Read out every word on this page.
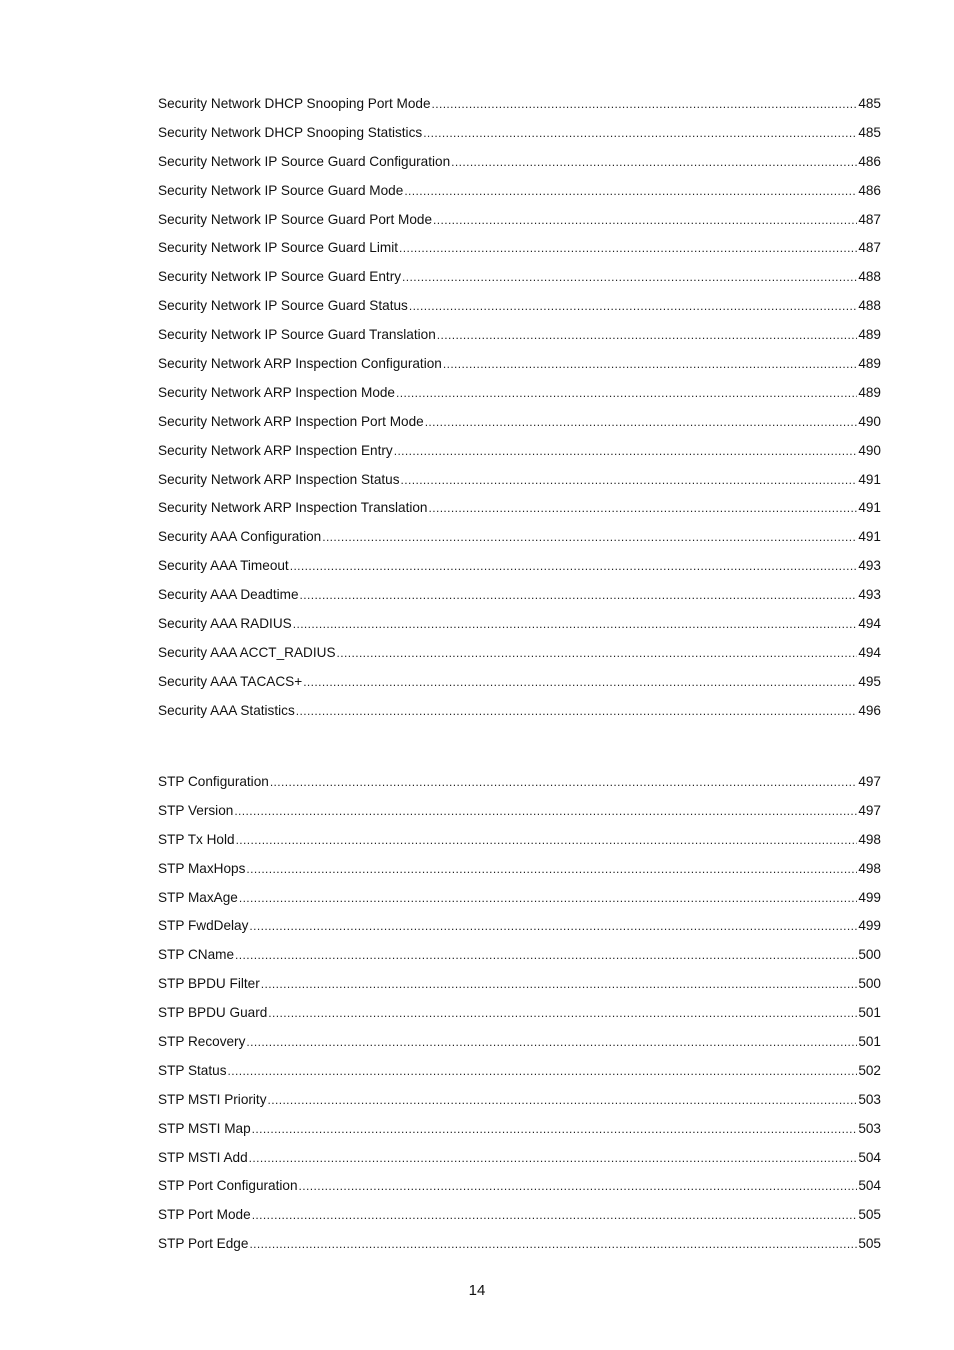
Security Network DHCP Snooping Port Mode .....	485
Security Network DHCP Snooping Statistics .....	485
Security Network IP Source Guard Configuration .....	486
Security Network IP Source Guard Mode .....	486
Security Network IP Source Guard Port Mode .....	487
Security Network IP Source Guard Limit .....	487
Security Network IP Source Guard Entry .....	488
Security Network IP Source Guard Status .....	488
Security Network IP Source Guard Translation .....	489
Security Network ARP Inspection Configuration .....	489
Security Network ARP Inspection Mode .....	489
Security Network ARP Inspection Port Mode .....	490
Security Network ARP Inspection Entry .....	490
Security Network ARP Inspection Status .....	491
Security Network ARP Inspection Translation .....	491
Security AAA Configuration .....	491
Security AAA Timeout .....	493
Security AAA Deadtime .....	493
Security AAA RADIUS .....	494
Security AAA ACCT_RADIUS .....	494
Security AAA TACACS+ .....	495
Security AAA Statistics .....	496
STP Configuration .....	497
STP Version .....	497
STP Tx Hold .....	498
STP MaxHops .....	498
STP MaxAge .....	499
STP FwdDelay .....	499
STP CName .....	500
STP BPDU Filter .....	500
STP BPDU Guard .....	501
STP Recovery .....	501
STP Status .....	502
STP MSTI Priority .....	503
STP MSTI Map .....	503
STP MSTI Add .....	504
STP Port Configuration .....	504
STP Port Mode .....	505
STP Port Edge .....	505
14
